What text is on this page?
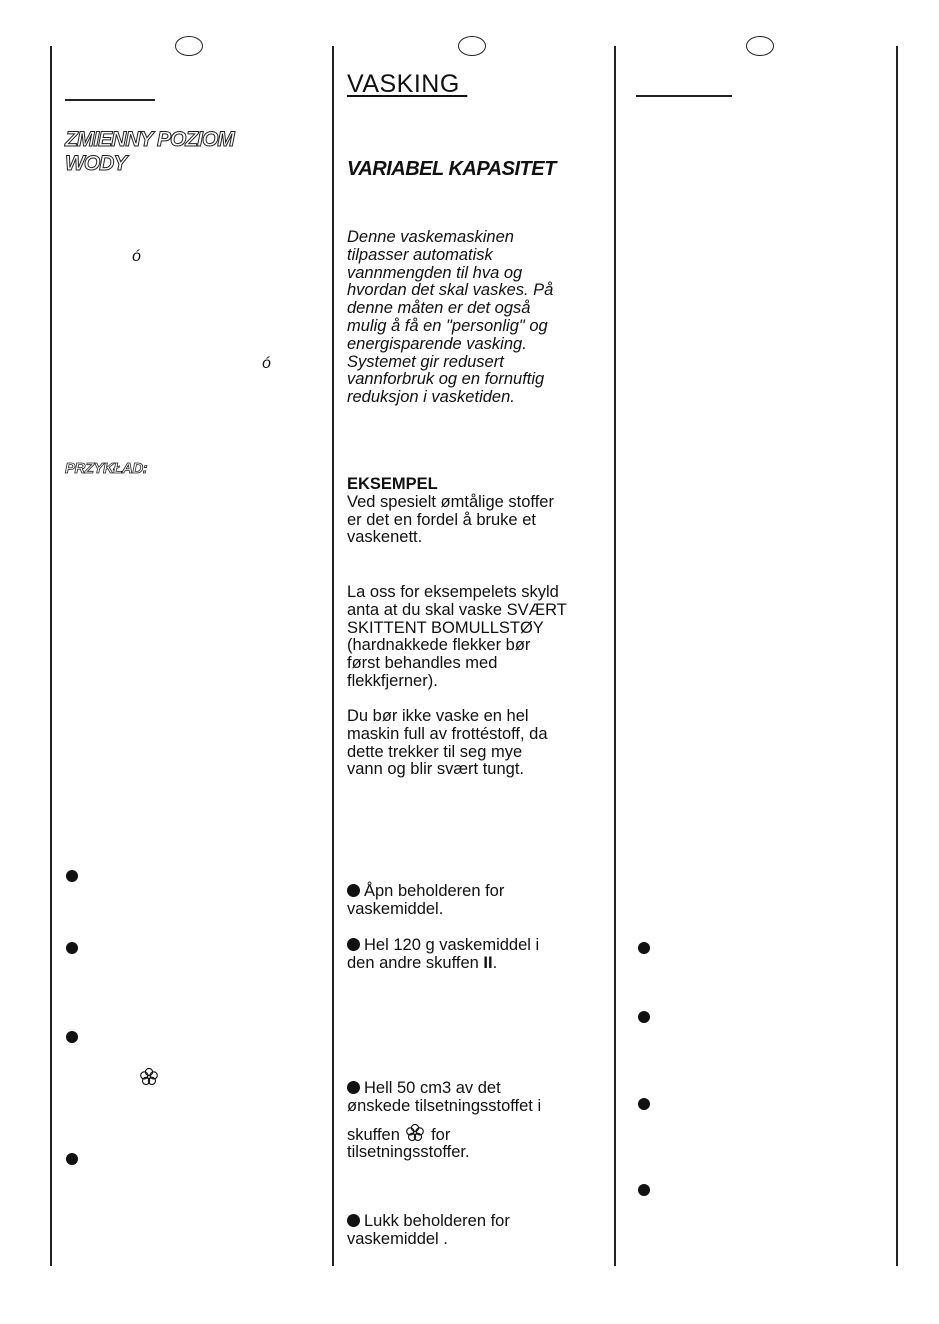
ZMIENNY POZIOM
WODY
ó
ó
PRZYKŁAD:
VASKING
VARIABEL KAPASITET
Denne vaskemaskinen
tilpasser automatisk
vannmengden til hva og
hvordan det skal vaskes. På
denne måten er det også
mulig å få en "personlig" og
energisparende vasking.
Systemet gir redusert
vannforbruk og en fornuftig
reduksjon i vasketiden.
EKSEMPEL
Ved spesielt ømtålige stoffer
er det en fordel å bruke et
vaskenett.
La oss for eksempelets skyld
anta at du skal vaske SVÆRT
SKITTENT BOMULLSTØY
(hardnakkede flekker bør
først behandles med
flekkfjerner).
Du bør ikke vaske en hel
maskin full av frottéstoff, da
dette trekker til seg mye
vann og blir svært tungt.
Åpn beholderen for
vaskemiddel.
Hel 120 g vaskemiddel i
den andre skuffen II.
Hell 50 cm3 av det
ønskede tilsetningsstoffet i
skuffen  for
tilsetningsstoffer.
Lukk beholderen for
vaskemiddel .
